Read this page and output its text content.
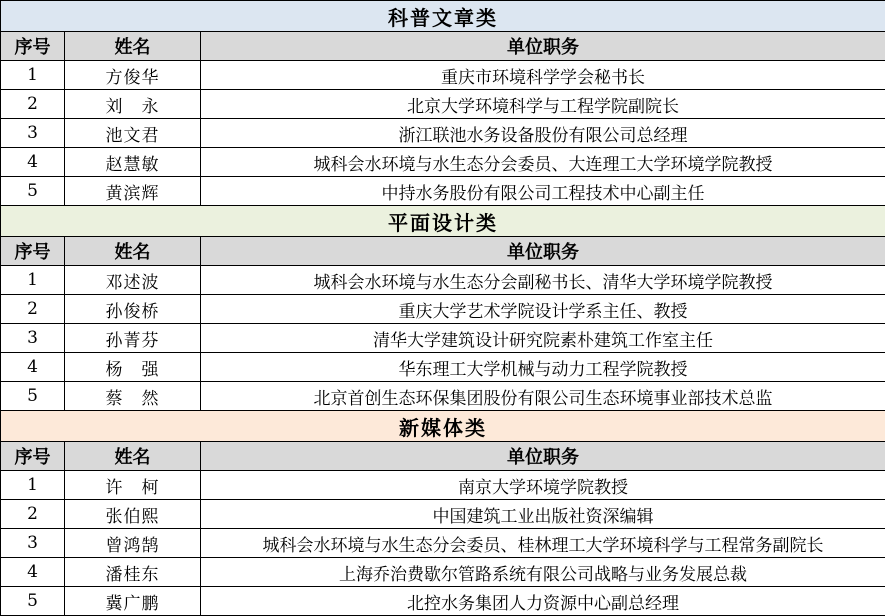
科普文章类		
序号	姓名	单位职务
1	方俊华	重庆市环境科学学会秘书长
2	刘　永	北京大学环境科学与工程学院副院长
3	池文君	浙江联池水务设备股份有限公司总经理
4	赵慧敏	城科会水环境与水生态分会委员、大连理工大学环境学院教授
5	黄滨辉	中持水务股份有限公司工程技术中心副主任
平面设计类		
序号	姓名	单位职务
1	邓述波	城科会水环境与水生态分会副秘书长、清华大学环境学院教授
2	孙俊桥	重庆大学艺术学院设计学系主任、教授
3	孙菁芬	清华大学建筑设计研究院素朴建筑工作室主任
4	杨　强	华东理工大学机械与动力工程学院教授
5	蔡　然	北京首创生态环保集团股份有限公司生态环境事业部技术总监
新媒体类		
序号	姓名	单位职务
1	许　柯	南京大学环境学院教授
2	张伯熙	中国建筑工业出版社资深编辑
3	曾鸿鹄	城科会水环境与水生态分会委员、桂林理工大学环境科学与工程常务副院长
4	潘桂东	上海乔治费歇尔管路系统有限公司战略与业务发展总裁
5	冀广鹏	北控水务集团人力资源中心副总经理
